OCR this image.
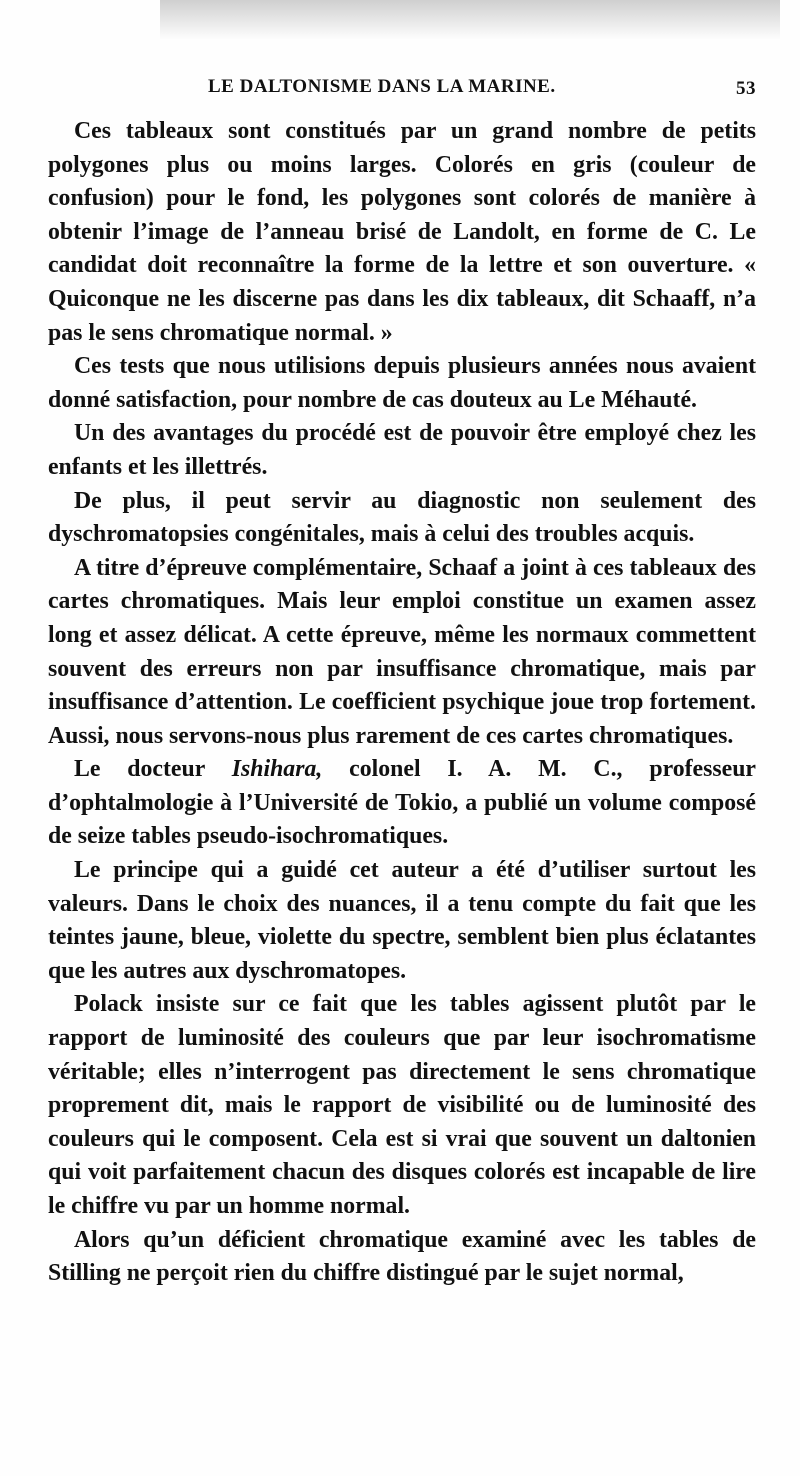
LE DALTONISME DANS LA MARINE.	53

Ces tableaux sont constitués par un grand nombre de petits polygones plus ou moins larges. Colorés en gris (couleur de confusion) pour le fond, les polygones sont colorés de manière à obtenir l’image de l’anneau brisé de Landolt, en forme de C. Le candidat doit reconnaître la forme de la lettre et son ouverture. « Quiconque ne les discerne pas dans les dix tableaux, dit Schaaff, n’a pas le sens chromatique normal. »

Ces tests que nous utilisions depuis plusieurs années nous avaient donné satisfaction, pour nombre de cas douteux au Le Méhauté.

Un des avantages du procédé est de pouvoir être employé chez les enfants et les illettrés.

De plus, il peut servir au diagnostic non seulement des dyschromatopsies congénitales, mais à celui des troubles acquis.

A titre d’épreuve complémentaire, Schaaf a joint à ces tableaux des cartes chromatiques. Mais leur emploi constitue un examen assez long et assez délicat. A cette épreuve, même les normaux commettent souvent des erreurs non par insuffisance chromatique, mais par insuffisance d’attention. Le coefficient psychique joue trop fortement. Aussi, nous servons-nous plus rarement de ces cartes chromatiques.

Le docteur Ishihara, colonel I. A. M. C., professeur d’ophtalmologie à l’Université de Tokio, a publié un volume composé de seize tables pseudo-isochromatiques.

Le principe qui a guidé cet auteur a été d’utiliser surtout les valeurs. Dans le choix des nuances, il a tenu compte du fait que les teintes jaune, bleue, violette du spectre, semblent bien plus éclatantes que les autres aux dyschromatopes.

Polack insiste sur ce fait que les tables agissent plutôt par le rapport de luminosité des couleurs que par leur isochromatisme véritable; elles n’interrogent pas directement le sens chromatique proprement dit, mais le rapport de visibilité ou de luminosité des couleurs qui le composent. Cela est si vrai que souvent un daltonien qui voit parfaitement chacun des disques colorés est incapable de lire le chiffre vu par un homme normal.

Alors qu’un déficient chromatique examiné avec les tables de Stilling ne perçoit rien du chiffre distingué par le sujet normal,
